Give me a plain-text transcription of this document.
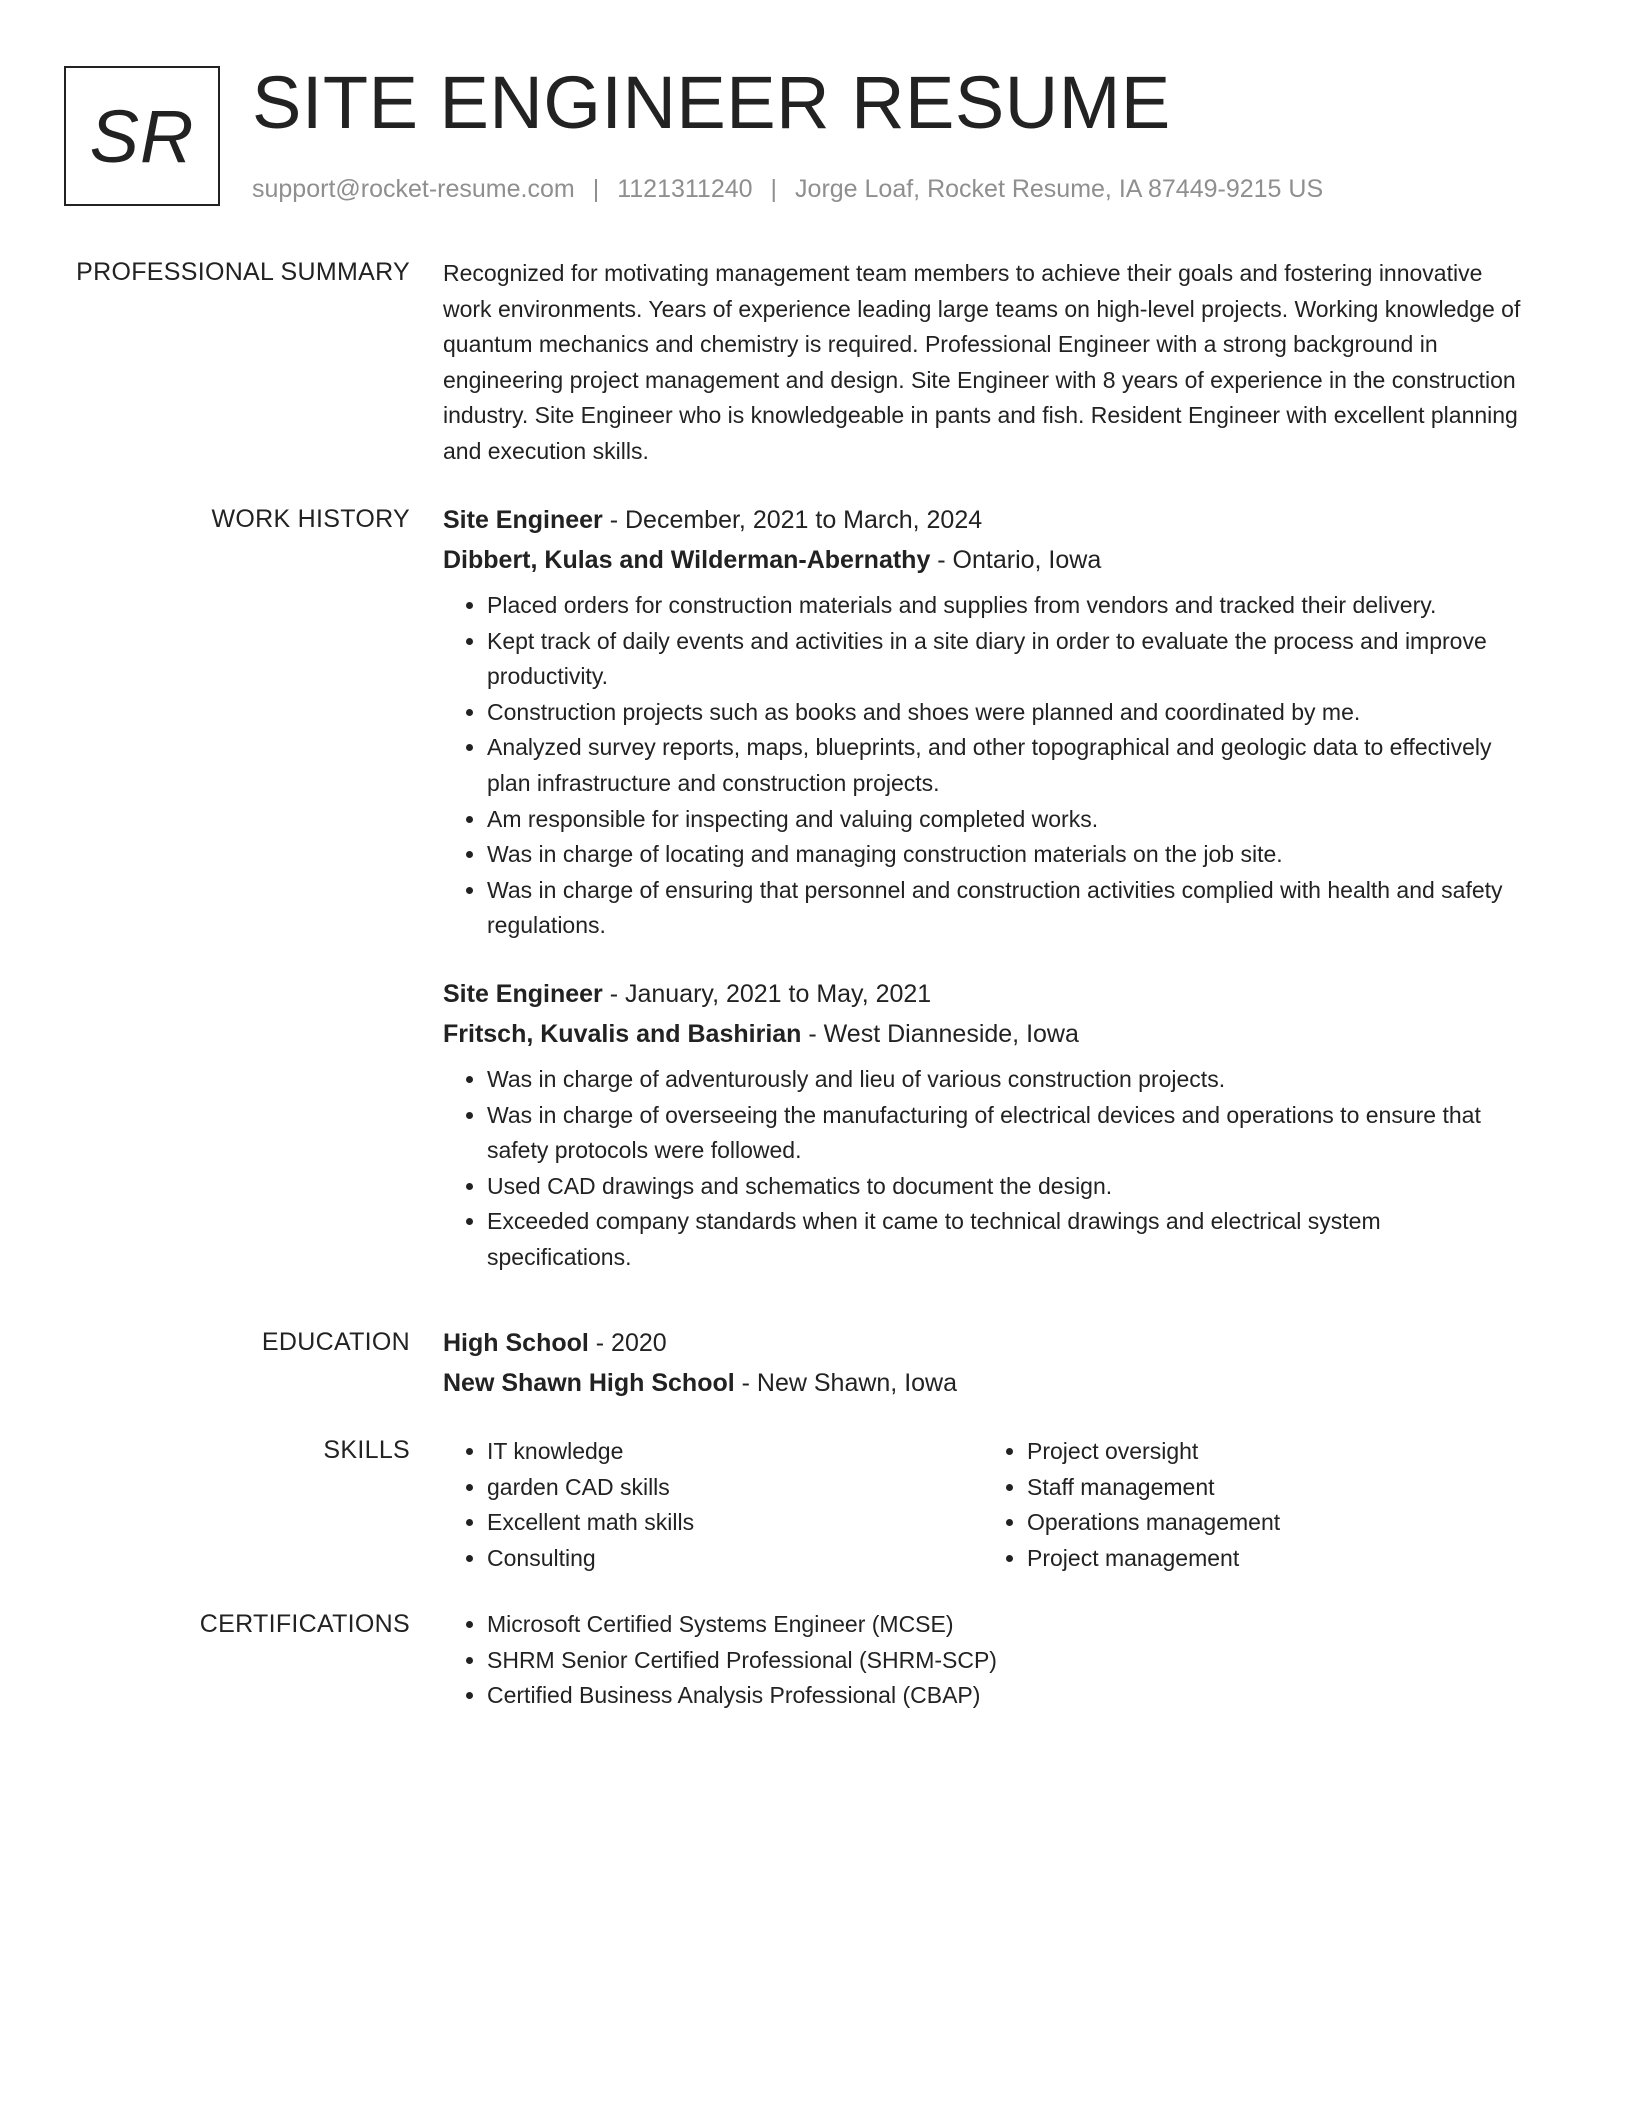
SR SITE ENGINEER RESUME
support@rocket-resume.com | 1121311240 | Jorge Loaf, Rocket Resume, IA 87449-9215 US
PROFESSIONAL SUMMARY Recognized for motivating management team members to achieve their goals and fostering innovative work environments. Years of experience leading large teams on high-level projects. Working knowledge of quantum mechanics and chemistry is required. Professional Engineer with a strong background in engineering project management and design. Site Engineer with 8 years of experience in the construction industry. Site Engineer who is knowledgeable in pants and fish. Resident Engineer with excellent planning and execution skills.

WORK HISTORY Site Engineer - December, 2021 to March, 2024
Dibbert, Kulas and Wilderman-Abernathy - Ontario, Iowa
• Placed orders for construction materials and supplies from vendors and tracked their delivery.
• Kept track of daily events and activities in a site diary in order to evaluate the process and improve productivity.
• Construction projects such as books and shoes were planned and coordinated by me.
• Analyzed survey reports, maps, blueprints, and other topographical and geologic data to effectively plan infrastructure and construction projects.
• Am responsible for inspecting and valuing completed works.
• Was in charge of locating and managing construction materials on the job site.
• Was in charge of ensuring that personnel and construction activities complied with health and safety regulations.
Site Engineer - January, 2021 to May, 2021
Fritsch, Kuvalis and Bashirian - West Dianneside, Iowa
• Was in charge of adventurously and lieu of various construction projects.
• Was in charge of overseeing the manufacturing of electrical devices and operations to ensure that safety protocols were followed.
• Used CAD drawings and schematics to document the design.
• Exceeded company standards when it came to technical drawings and electrical system specifications.
EDUCATION High School - 2020
New Shawn High School - New Shawn, Iowa
SKILLS	• IT knowledge
• garden CAD skills
• Excellent math skills
• Consulting
• Project oversight
• Staff management
• Operations management
• Project management
CERTIFICATIONS	• Microsoft Certified Systems Engineer (MCSE)
• SHRM Senior Certified Professional (SHRM-SCP)
• Certified Business Analysis Professional (CBAP)
